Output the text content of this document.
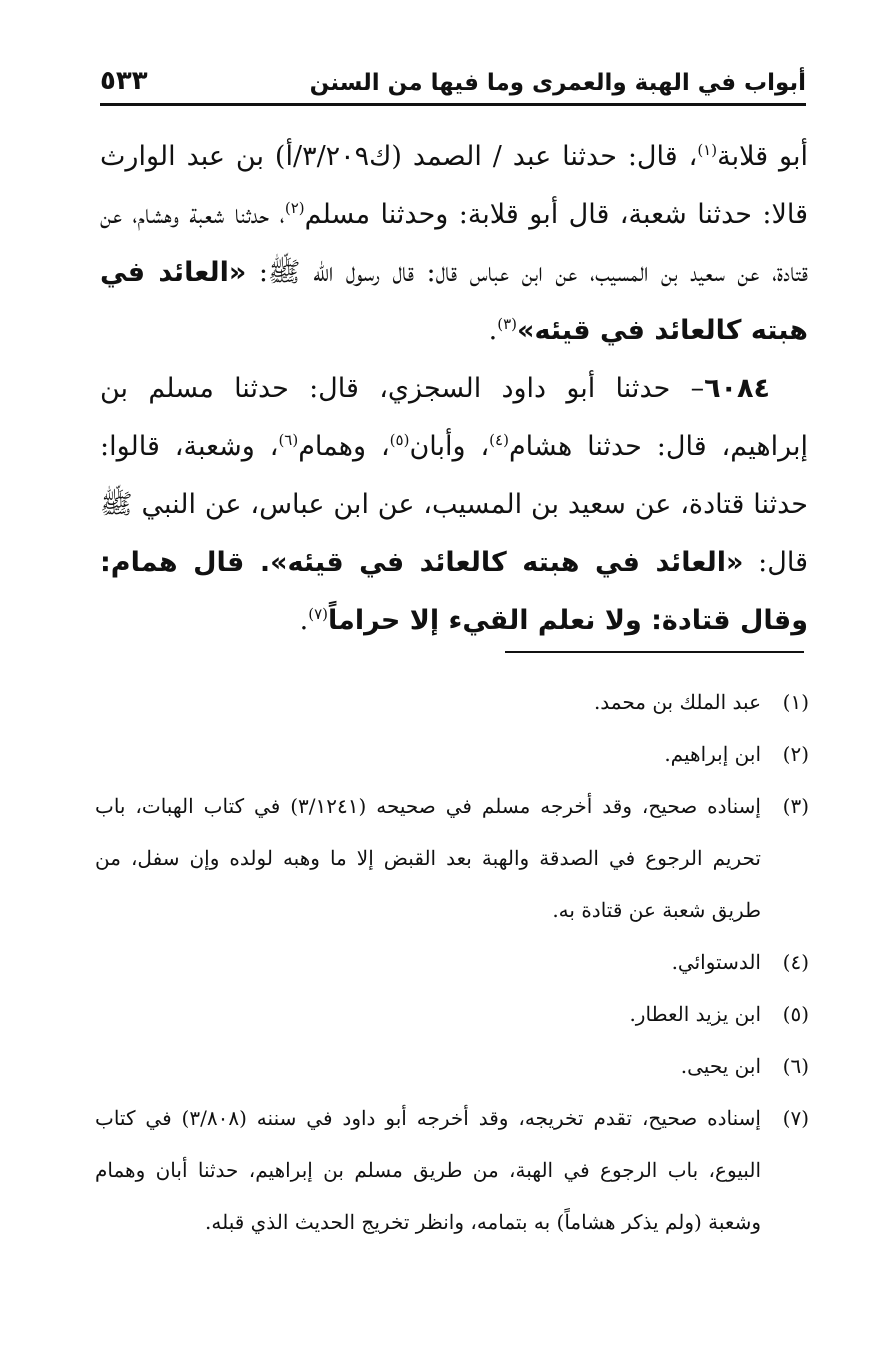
أبواب في الهبة والعمرى وما فيها من السنن
٥٣٣

أبو قلابة$^{(١)}$، قال: حدثنا عبد / الصمد (ك٣/٢٠٩/أ) بن عبد الوارث قالا: حدثنا شعبة، قال أبو قلابة: وحدثنا مسلم$^{(٢)}$، حدثنا شعبة وهشام، عن قتادة، عن سعيد بن المسيب، عن ابن عباس قال: قال رسول الله ﷺ: «العائد في هبته كالعائد في قيئه»$^{(٣)}$.

٦٠٨٤– حدثنا أبو داود السجزي، قال: حدثنا مسلم بن إبراهيم، قال: حدثنا هشام$^{(٤)}$، وأبان$^{(٥)}$، وهمام$^{(٦)}$، وشعبة، قالوا: حدثنا قتادة، عن سعيد بن المسيب، عن ابن عباس، عن النبي ﷺ قال: «العائد في هبته كالعائد في قيئه». قال همام: وقال قتادة: ولا نعلم القيء إلا حراماً$^{(٧)}$.

(١)
عبد الملك بن محمد.

(٢)
ابن إبراهيم.

(٣)
إسناده صحيح، وقد أخرجه مسلم في صحيحه (٣/١٢٤١) في كتاب الهبات، باب تحريم الرجوع في الصدقة والهبة بعد القبض إلا ما وهبه لولده وإن سفل، من طريق شعبة عن قتادة به.

(٤)
الدستوائي.

(٥)
ابن يزيد العطار.

(٦)
ابن يحيى.

(٧)
إسناده صحيح، تقدم تخريجه، وقد أخرجه أبو داود في سننه (٣/٨٠٨) في كتاب البيوع، باب الرجوع في الهبة، من طريق مسلم بن إبراهيم، حدثنا أبان وهمام وشعبة (ولم يذكر هشاماً) به بتمامه، وانظر تخريج الحديث الذي قبله.
